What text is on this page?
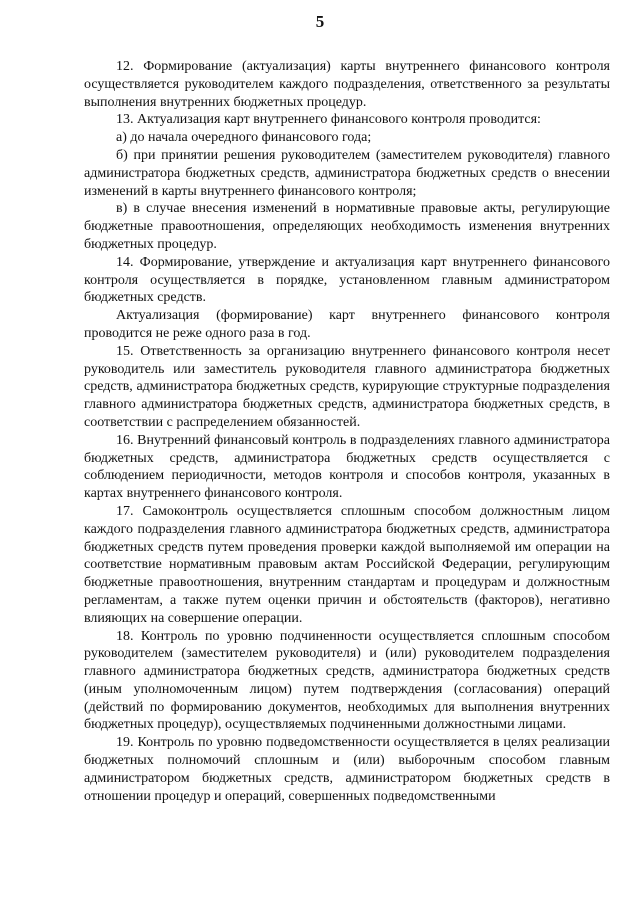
5

12. Формирование (актуализация) карты внутреннего финансового контроля осуществляется руководителем каждого подразделения, ответственного за результаты выполнения внутренних бюджетных процедур.

13. Актуализация карт внутреннего финансового контроля проводится:

а) до начала очередного финансового года;

б) при принятии решения руководителем (заместителем руководителя) главного администратора бюджетных средств, администратора бюджетных средств о внесении изменений в карты внутреннего финансового контроля;

в) в случае внесения изменений в нормативные правовые акты, регулирующие бюджетные правоотношения, определяющих необходимость изменения внутренних бюджетных процедур.

14. Формирование, утверждение и актуализация карт внутреннего финансового контроля осуществляется в порядке, установленном главным администратором бюджетных средств.

Актуализация (формирование) карт внутреннего финансового контроля проводится не реже одного раза в год.

15. Ответственность за организацию внутреннего финансового контроля несет руководитель или заместитель руководителя главного администратора бюджетных средств, администратора бюджетных средств, курирующие структурные подразделения главного администратора бюджетных средств, администратора бюджетных средств, в соответствии с распределением обязанностей.

16. Внутренний финансовый контроль в подразделениях главного администратора бюджетных средств, администратора бюджетных средств осуществляется с соблюдением периодичности, методов контроля и способов контроля, указанных в картах внутреннего финансового контроля.

17. Самоконтроль осуществляется сплошным способом должностным лицом каждого подразделения главного администратора бюджетных средств, администратора бюджетных средств путем проведения проверки каждой выполняемой им операции на соответствие нормативным правовым актам Российской Федерации, регулирующим бюджетные правоотношения, внутренним стандартам и процедурам и должностным регламентам, а также путем оценки причин и обстоятельств (факторов), негативно влияющих на совершение операции.

18. Контроль по уровню подчиненности осуществляется сплошным способом руководителем (заместителем руководителя) и (или) руководителем подразделения главного администратора бюджетных средств, администратора бюджетных средств (иным уполномоченным лицом) путем подтверждения (согласования) операций (действий по формированию документов, необходимых для выполнения внутренних бюджетных процедур), осуществляемых подчиненными должностными лицами.

19. Контроль по уровню подведомственности осуществляется в целях реализации бюджетных полномочий сплошным и (или) выборочным способом главным администратором бюджетных средств, администратором бюджетных средств в отношении процедур и операций, совершенных подведомственными
